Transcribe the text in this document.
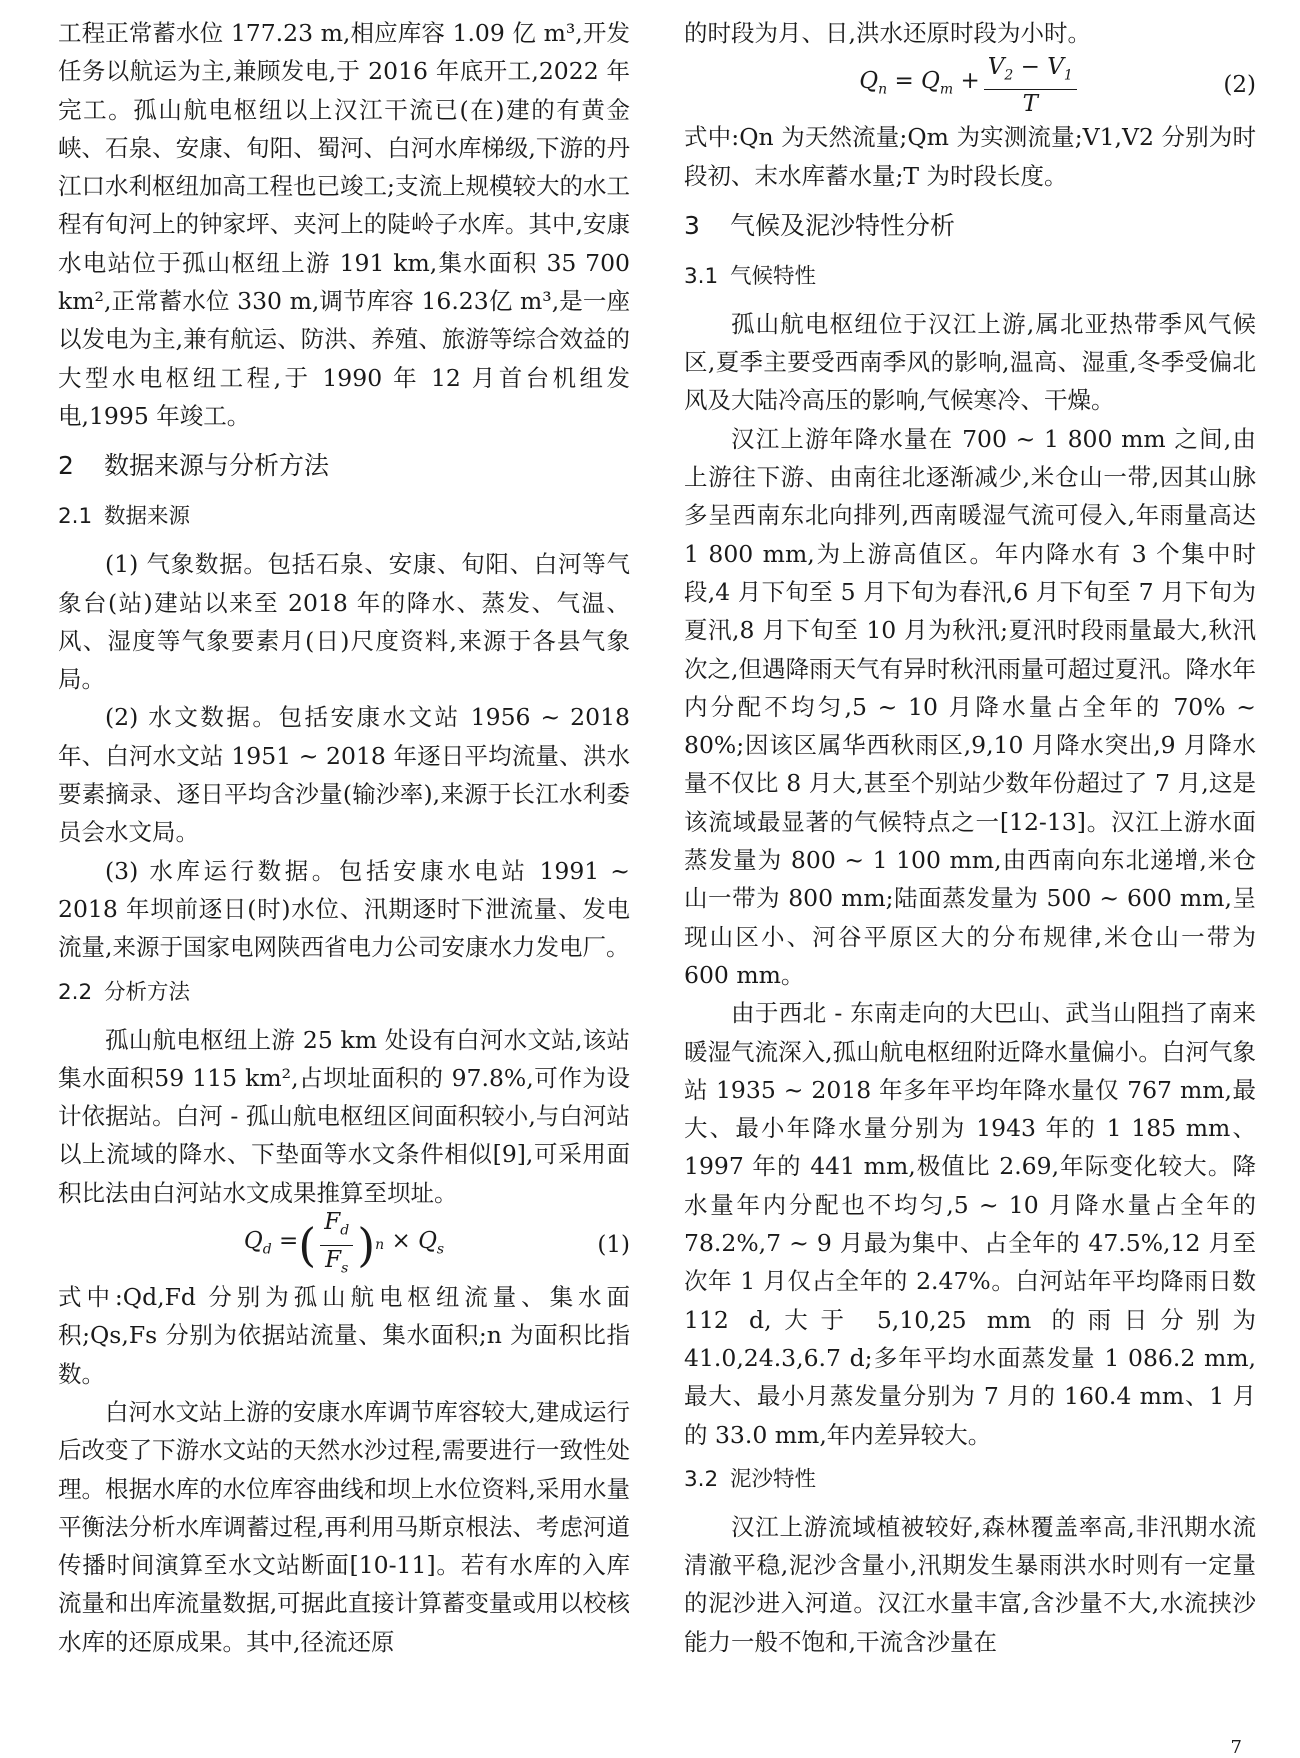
工程正常蓄水位 177.23 m,相应库容 1.09 亿 m³,开发任务以航运为主,兼顾发电,于 2016 年底开工,2022 年完工。孤山航电枢纽以上汉江干流已(在)建的有黄金峡、石泉、安康、旬阳、蜀河、白河水库梯级,下游的丹江口水利枢纽加高工程也已竣工;支流上规模较大的水工程有旬河上的钟家坪、夹河上的陡岭子水库。其中,安康水电站位于孤山枢纽上游 191 km,集水面积 35 700 km²,正常蓄水位 330 m,调节库容 16.23亿 m³,是一座以发电为主,兼有航运、防洪、养殖、旅游等综合效益的大型水电枢纽工程,于 1990 年 12 月首台机组发电,1995 年竣工。

2 数据来源与分析方法
2.1 数据来源

(1) 气象数据。包括石泉、安康、旬阳、白河等气象台(站)建站以来至 2018 年的降水、蒸发、气温、风、湿度等气象要素月(日)尺度资料,来源于各县气象局。

(2) 水文数据。包括安康水文站 1956 ~ 2018 年、白河水文站 1951 ~ 2018 年逐日平均流量、洪水要素摘录、逐日平均含沙量(输沙率),来源于长江水利委员会水文局。

(3) 水库运行数据。包括安康水电站 1991 ~ 2018 年坝前逐日(时)水位、汛期逐时下泄流量、发电流量,来源于国家电网陕西省电力公司安康水力发电厂。

2.2 分析方法

孤山航电枢纽上游 25 km 处设有白河水文站,该站集水面积59 115 km²,占坝址面积的 97.8%,可作为设计依据站。白河 - 孤山航电枢纽区间面积较小,与白河站以上流域的降水、下垫面等水文条件相似[9],可采用面积比法由白河站水文成果推算至坝址。

$Q_d$ = ( $\frac{F_d}{F_s}$ ) $n \times Q_s$	(1)

式中:Qd,Fd 分别为孤山航电枢纽流量、集水面积;Qs,Fs 分别为依据站流量、集水面积;n 为面积比指数。

白河水文站上游的安康水库调节库容较大,建成运行后改变了下游水文站的天然水沙过程,需要进行一致性处理。根据水库的水位库容曲线和坝上水位资料,采用水量平衡法分析水库调蓄过程,再利用马斯京根法、考虑河道传播时间演算至水文站断面[10-11]。若有水库的入库流量和出库流量数据,可据此直接计算蓄变量或用以校核水库的还原成果。其中,径流还原

的时段为月、日,洪水还原时段为小时。

$Q_n = Q_m + \frac{V_2 - V_1}{T}$	(2)

式中:Qn 为天然流量;Qm 为实测流量;V1,V2 分别为时段初、末水库蓄水量;T 为时段长度。

3 气候及泥沙特性分析
3.1 气候特性

孤山航电枢纽位于汉江上游,属北亚热带季风气候区,夏季主要受西南季风的影响,温高、湿重,冬季受偏北风及大陆冷高压的影响,气候寒冷、干燥。

汉江上游年降水量在 700 ~ 1 800 mm 之间,由上游往下游、由南往北逐渐减少,米仓山一带,因其山脉多呈西南东北向排列,西南暖湿气流可侵入,年雨量高达 1 800 mm,为上游高值区。年内降水有 3 个集中时段,4 月下旬至 5 月下旬为春汛,6 月下旬至 7 月下旬为夏汛,8 月下旬至 10 月为秋汛;夏汛时段雨量最大,秋汛次之,但遇降雨天气有异时秋汛雨量可超过夏汛。降水年内分配不均匀,5 ~ 10 月降水量占全年的 70% ~ 80%;因该区属华西秋雨区,9,10 月降水突出,9 月降水量不仅比 8 月大,甚至个别站少数年份超过了 7 月,这是该流域最显著的气候特点之一[12-13]。汉江上游水面蒸发量为 800 ~ 1 100 mm,由西南向东北递增,米仓山一带为 800 mm;陆面蒸发量为 500 ~ 600 mm,呈现山区小、河谷平原区大的分布规律,米仓山一带为 600 mm。

由于西北 - 东南走向的大巴山、武当山阻挡了南来暖湿气流深入,孤山航电枢纽附近降水量偏小。白河气象站 1935 ~ 2018 年多年平均年降水量仅 767 mm,最大、最小年降水量分别为 1943 年的 1 185 mm、1997 年的 441 mm,极值比 2.69,年际变化较大。降水量年内分配也不均匀,5 ~ 10 月降水量占全年的 78.2%,7 ~ 9 月最为集中、占全年的 47.5%,12 月至次年 1 月仅占全年的 2.47%。白河站年平均降雨日数 112 d,大于 5,10,25 mm 的雨日分别为41.0,24.3,6.7 d;多年平均水面蒸发量 1 086.2 mm,最大、最小月蒸发量分别为 7 月的 160.4 mm、1 月的 33.0 mm,年内差异较大。

3.2 泥沙特性

汉江上游流域植被较好,森林覆盖率高,非汛期水流清澈平稳,泥沙含量小,汛期发生暴雨洪水时则有一定量的泥沙进入河道。汉江水量丰富,含沙量不大,水流挟沙能力一般不饱和,干流含沙量在

7
